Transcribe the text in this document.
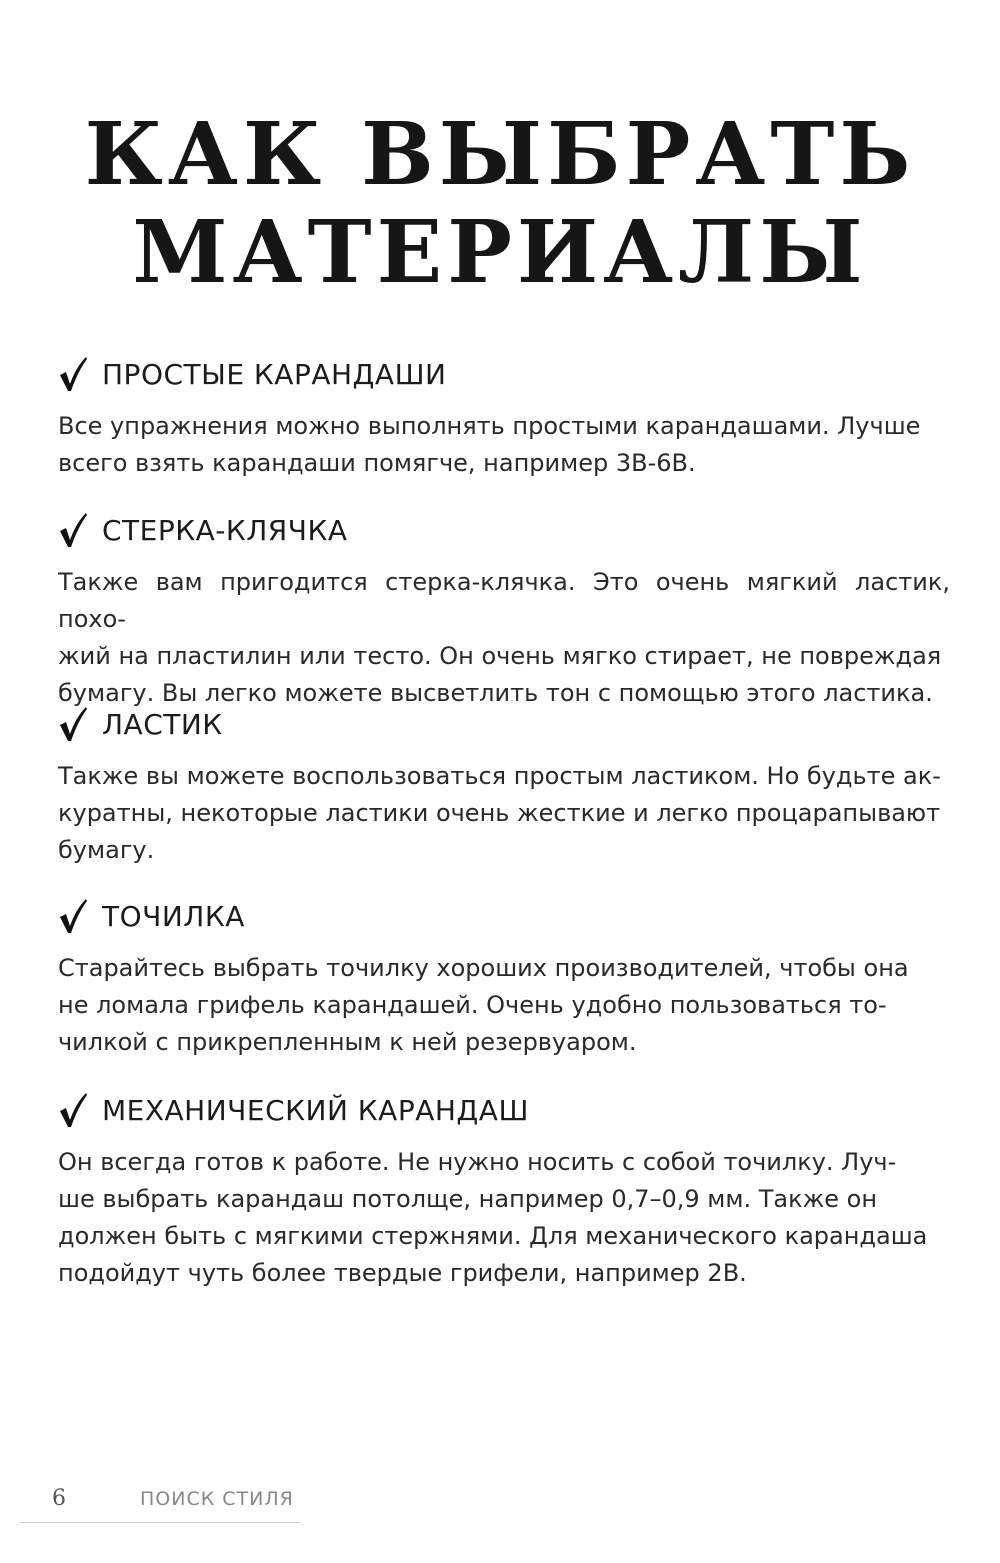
КАК ВЫБРАТЬ
МАТЕРИАЛЫ
ПРОСТЫЕ КАРАНДАШИ

Все упражнения можно выполнять простыми карандашами. Лучше
всего взять карандаши помягче, например 3B-6B.

СТЕРКА-КЛЯЧКА

Также вам пригодится стерка-клячка. Это очень мягкий ластик, похо-
жий на пластилин или тесто. Он очень мягко стирает, не повреждая
бумагу. Вы легко можете высветлить тон с помощью этого ластика.

ЛАСТИК

Также вы можете воспользоваться простым ластиком. Но будьте ак-
куратны, некоторые ластики очень жесткие и легко процарапывают
бумагу.

ТОЧИЛКА

Старайтесь выбрать точилку хороших производителей, чтобы она
не ломала грифель карандашей. Очень удобно пользоваться то-
чилкой с прикрепленным к ней резервуаром.

МЕХАНИЧЕСКИЙ КАРАНДАШ

Он всегда готов к работе. Не нужно носить с собой точилку. Луч-
ше выбрать карандаш потолще, например 0,7–0,9 мм. Также он
должен быть с мягкими стержнями. Для механического карандаша
подойдут чуть более твердые грифели, например 2B.

6	ПОИСК СТИЛЯ
